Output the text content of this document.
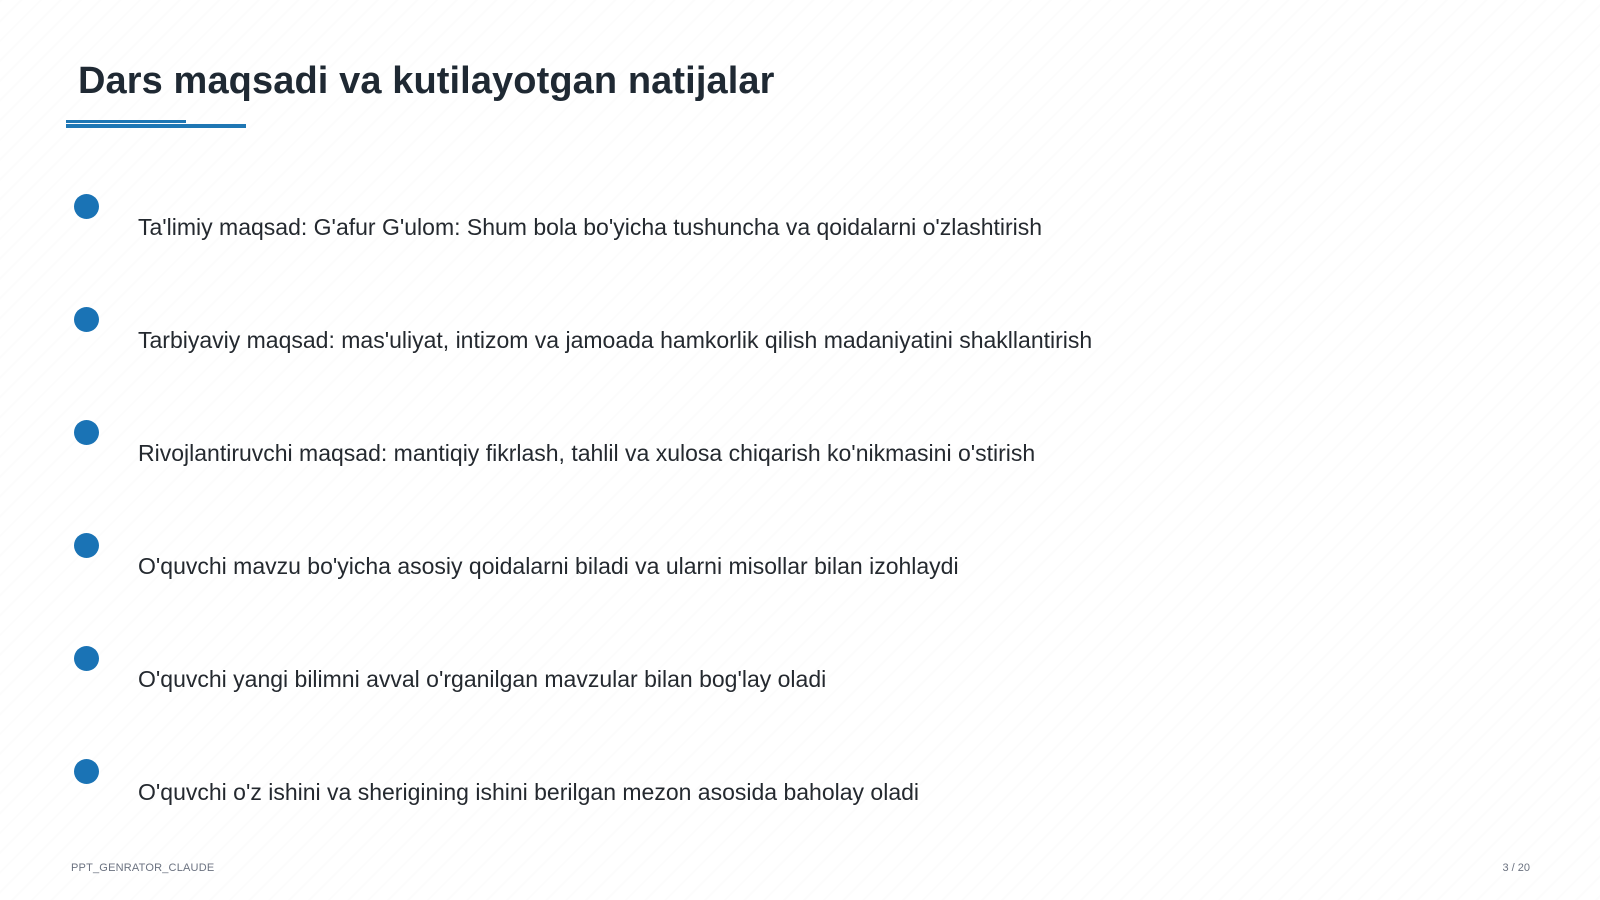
Dars maqsadi va kutilayotgan natijalar
Ta'limiy maqsad: G'afur G'ulom: Shum bola bo'yicha tushuncha va qoidalarni o'zlashtirish
Tarbiyaviy maqsad: mas'uliyat, intizom va jamoada hamkorlik qilish madaniyatini shakllantirish
Rivojlantiruvchi maqsad: mantiqiy fikrlash, tahlil va xulosa chiqarish ko'nikmasini o'stirish
O'quvchi mavzu bo'yicha asosiy qoidalarni biladi va ularni misollar bilan izohlaydi
O'quvchi yangi bilimni avval o'rganilgan mavzular bilan bog'lay oladi
O'quvchi o'z ishini va sherigining ishini berilgan mezon asosida baholay oladi
PPT_GENRATOR_CLAUDE	3 / 20
